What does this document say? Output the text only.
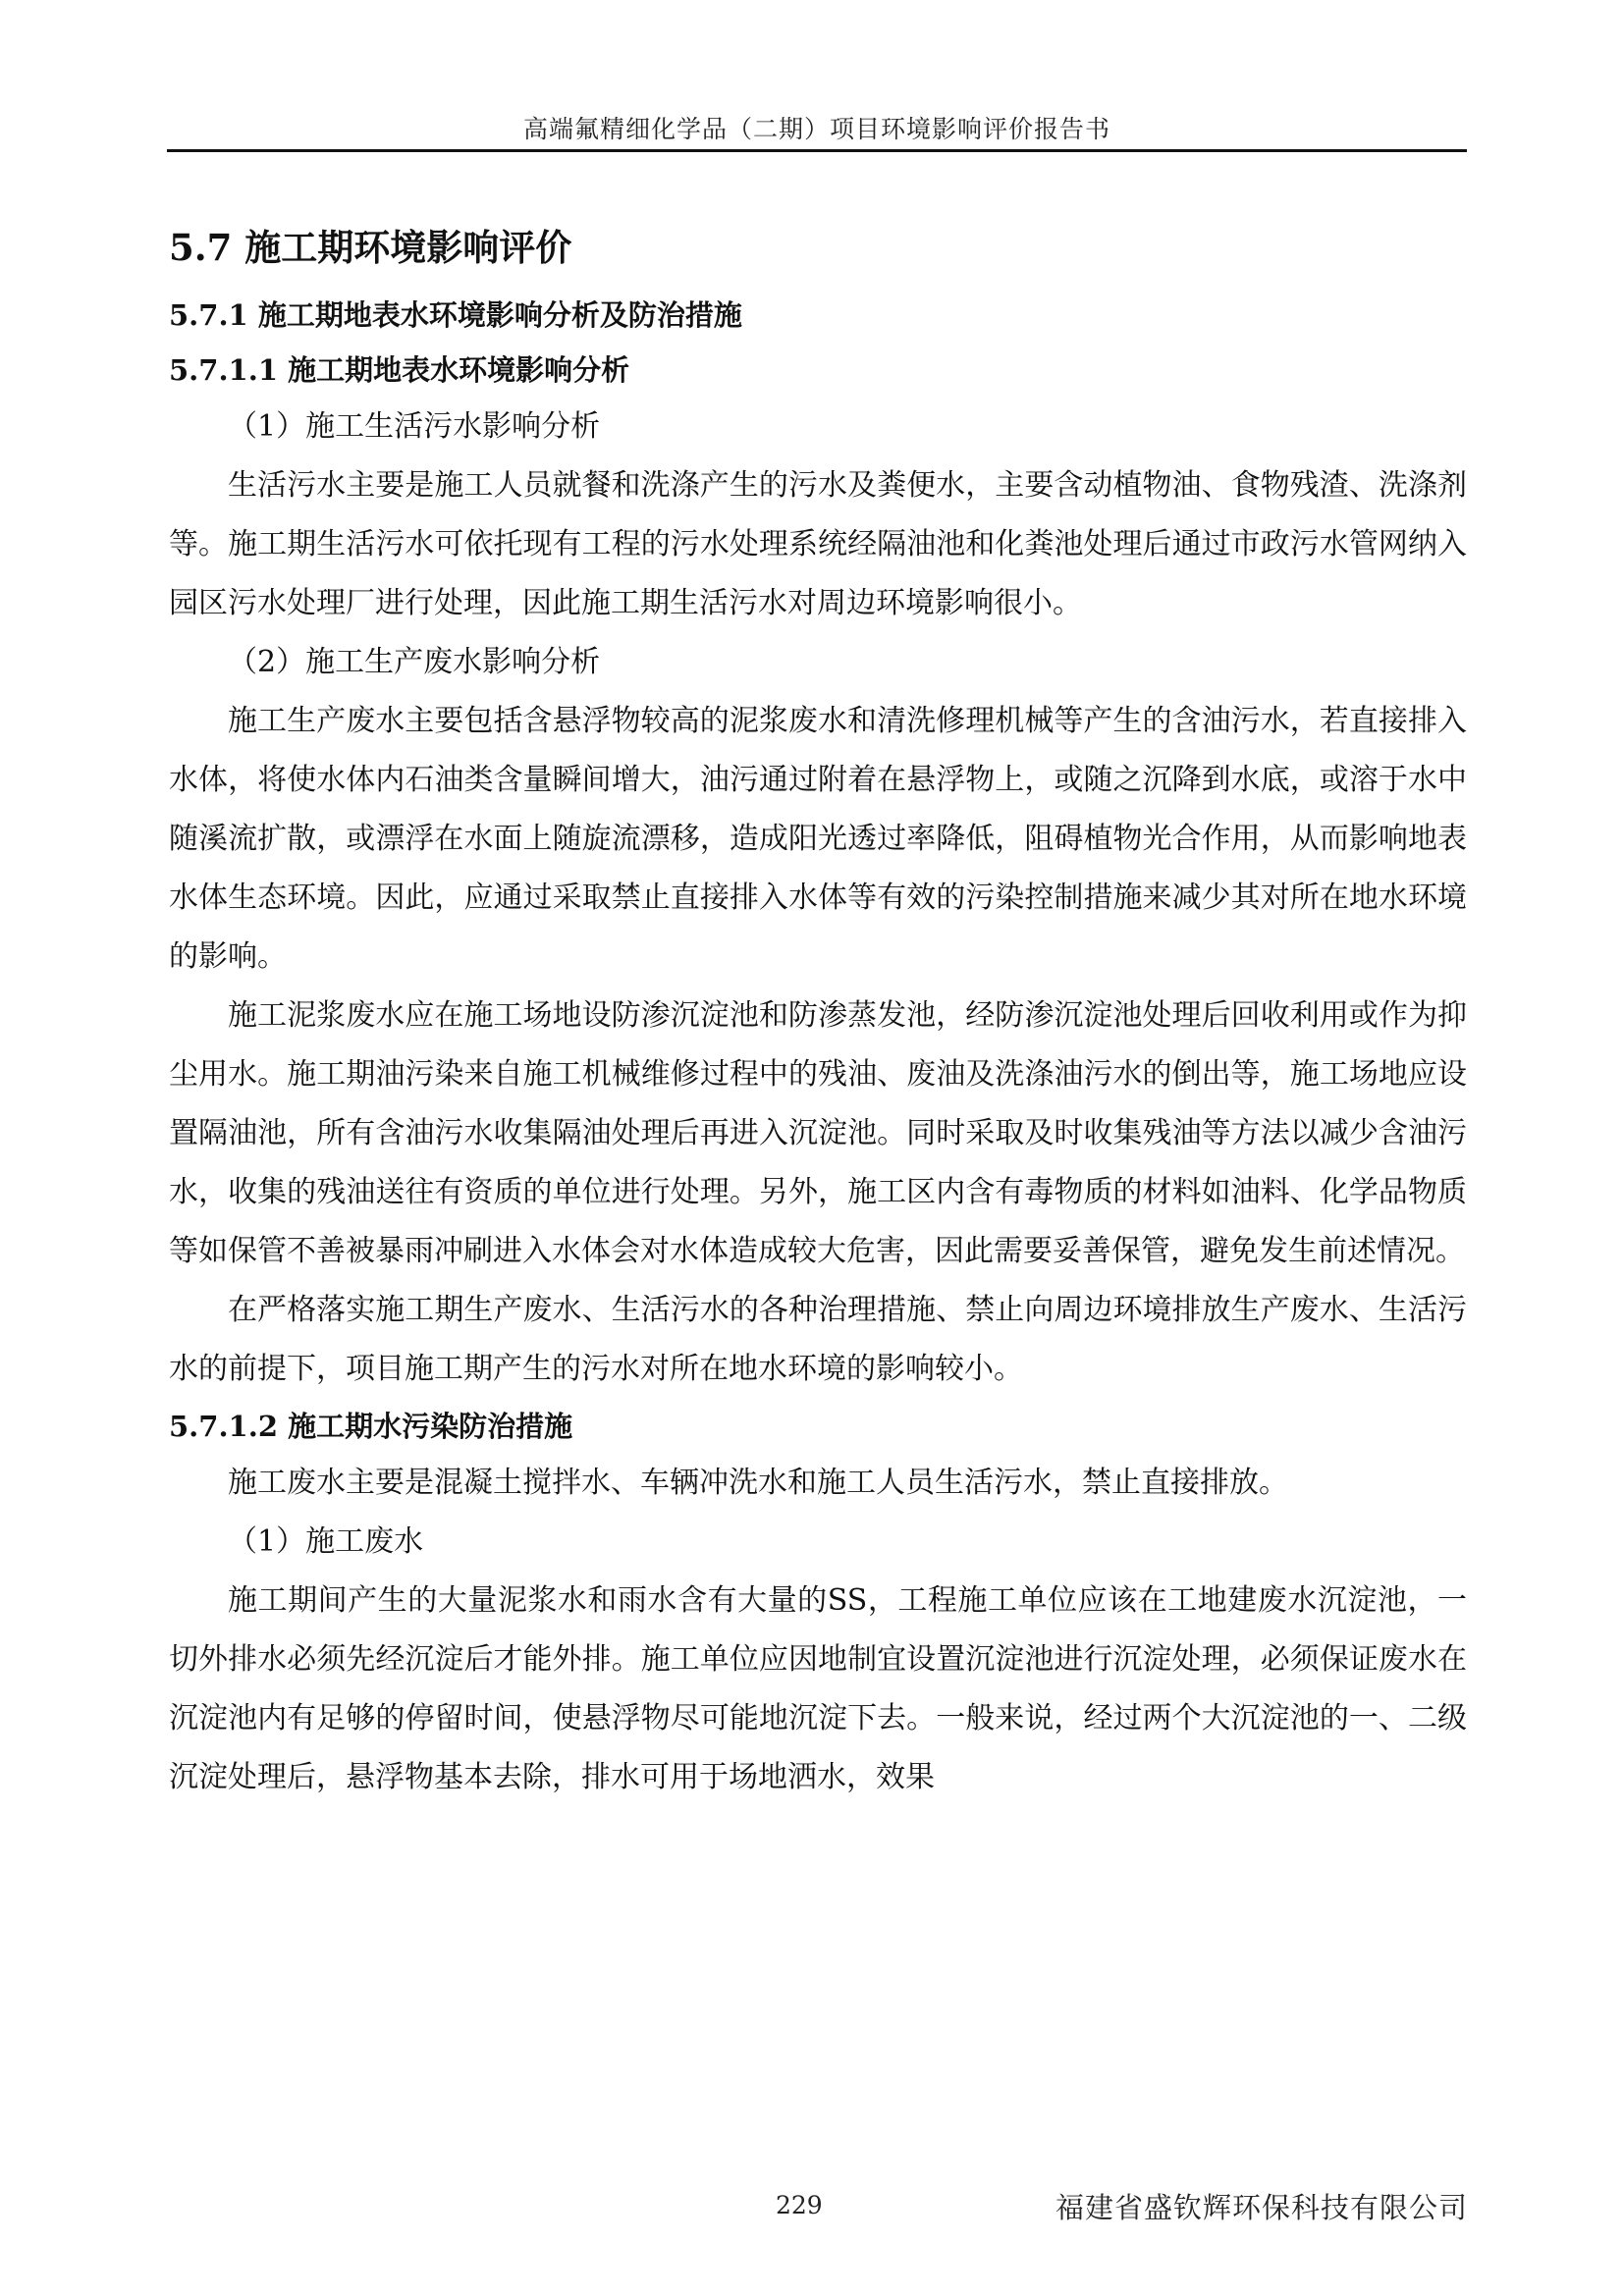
高端氟精细化学品（二期）项目环境影响评价报告书
5.7 施工期环境影响评价
5.7.1 施工期地表水环境影响分析及防治措施
5.7.1.1 施工期地表水环境影响分析

（1）施工生活污水影响分析

生活污水主要是施工人员就餐和洗涤产生的污水及粪便水，主要含动植物油、食物残渣、洗涤剂等。施工期生活污水可依托现有工程的污水处理系统经隔油池和化粪池处理后通过市政污水管网纳入园区污水处理厂进行处理，因此施工期生活污水对周边环境影响很小。

（2）施工生产废水影响分析

施工生产废水主要包括含悬浮物较高的泥浆废水和清洗修理机械等产生的含油污水，若直接排入水体，将使水体内石油类含量瞬间增大，油污通过附着在悬浮物上，或随之沉降到水底，或溶于水中随溪流扩散，或漂浮在水面上随旋流漂移，造成阳光透过率降低，阻碍植物光合作用，从而影响地表水体生态环境。因此，应通过采取禁止直接排入水体等有效的污染控制措施来减少其对所在地水环境的影响。

施工泥浆废水应在施工场地设防渗沉淀池和防渗蒸发池，经防渗沉淀池处理后回收利用或作为抑尘用水。施工期油污染来自施工机械维修过程中的残油、废油及洗涤油污水的倒出等，施工场地应设置隔油池，所有含油污水收集隔油处理后再进入沉淀池。同时采取及时收集残油等方法以减少含油污水，收集的残油送往有资质的单位进行处理。另外，施工区内含有毒物质的材料如油料、化学品物质等如保管不善被暴雨冲刷进入水体会对水体造成较大危害，因此需要妥善保管，避免发生前述情况。

在严格落实施工期生产废水、生活污水的各种治理措施、禁止向周边环境排放生产废水、生活污水的前提下，项目施工期产生的污水对所在地水环境的影响较小。

5.7.1.2 施工期水污染防治措施

施工废水主要是混凝土搅拌水、车辆冲洗水和施工人员生活污水，禁止直接排放。

（1）施工废水

施工期间产生的大量泥浆水和雨水含有大量的SS，工程施工单位应该在工地建废水沉淀池，一切外排水必须先经沉淀后才能外排。施工单位应因地制宜设置沉淀池进行沉淀处理，必须保证废水在沉淀池内有足够的停留时间，使悬浮物尽可能地沉淀下去。一般来说，经过两个大沉淀池的一、二级沉淀处理后，悬浮物基本去除，排水可用于场地洒水，效果

229	福建省盛钦辉环保科技有限公司
